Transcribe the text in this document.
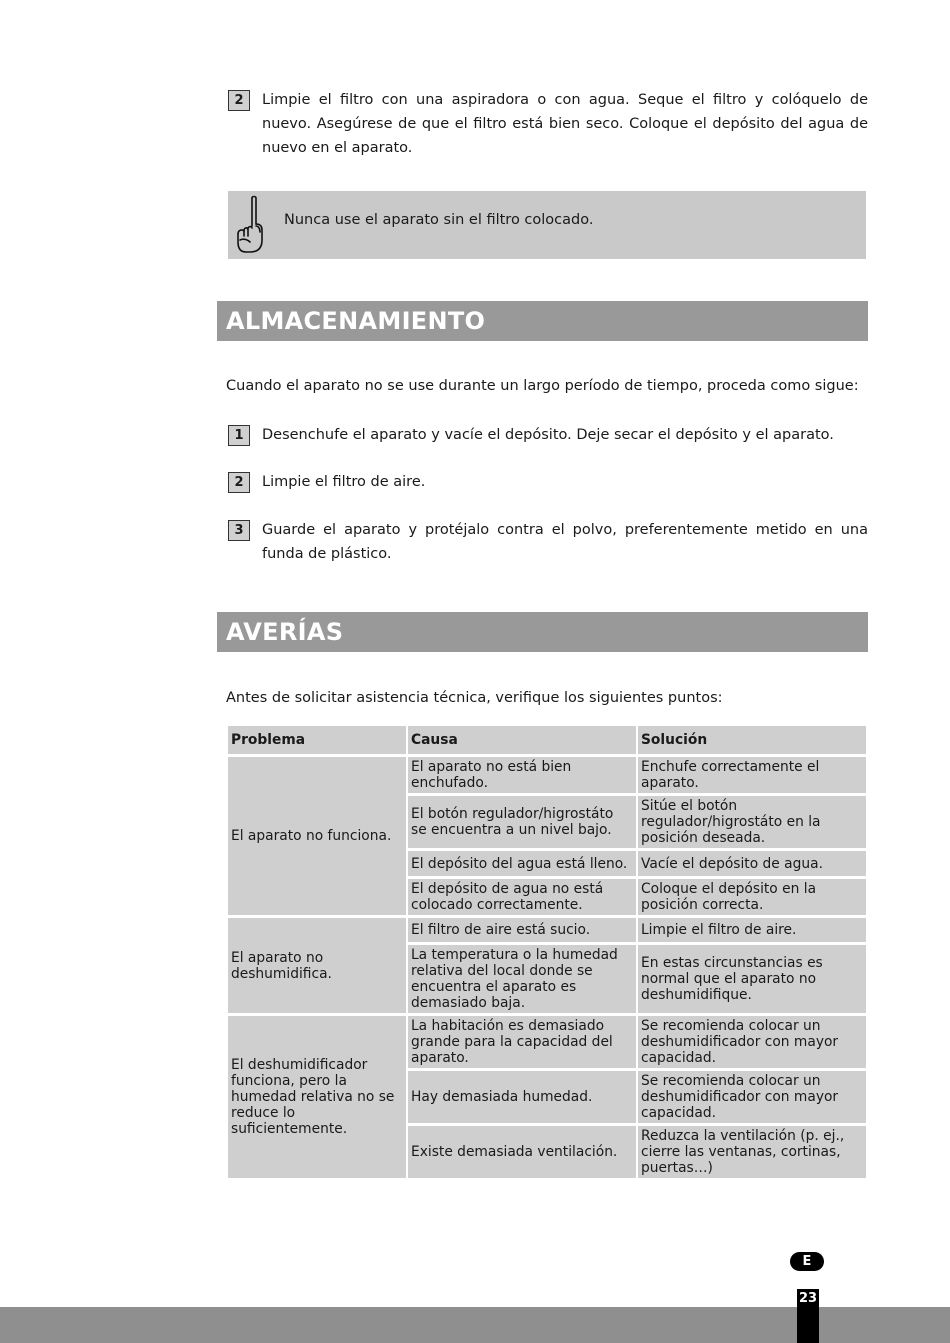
2	Limpie el filtro con una aspiradora o con agua. Seque el filtro y colóquelo de nuevo. Asegúrese de que el filtro está bien seco. Coloque el depósito del agua de nuevo en el aparato.
Nunca use el aparato sin el filtro colocado.
ALMACENAMIENTO
Cuando el aparato no se use durante un largo período de tiempo, proceda como sigue:
1	Desenchufe el aparato y vacíe el depósito. Deje secar el depósito y el aparato.
2	Limpie el filtro de aire.
3	Guarde el aparato y protéjalo contra el polvo, preferentemente metido en una funda de plástico.
AVERÍAS
Antes de solicitar asistencia técnica, verifique los siguientes puntos:
Problema	Causa	Solución
El aparato no funciona.	El aparato no está bien enchufado.	Enchufe correctamente el aparato.
	El botón regulador/higrostáto se encuentra a un nivel bajo.	Sitúe el botón regulador/higrostáto en la posición deseada.
	El depósito del agua está lleno.	Vacíe el depósito de agua.
	El depósito de agua no está colocado correctamente.	Coloque el depósito en la posición correcta.
El aparato no deshumidifica.	El filtro de aire está sucio.	Limpie el filtro de aire.
	La temperatura o la humedad relativa del local donde se encuentra el aparato es demasiado baja.	En estas circunstancias es normal que el aparato no deshumidifique.
El deshumidificador funciona, pero la humedad relativa no se reduce lo suficientemente.	La habitación es demasiado grande para la capacidad del aparato.	Se recomienda colocar un deshumidificador con mayor capacidad.
	Hay demasiada humedad.	Se recomienda colocar un deshumidificador con mayor capacidad.
	Existe demasiada ventilación.	Reduzca la ventilación (p. ej., cierre las ventanas, cortinas, puertas…)
E
23
